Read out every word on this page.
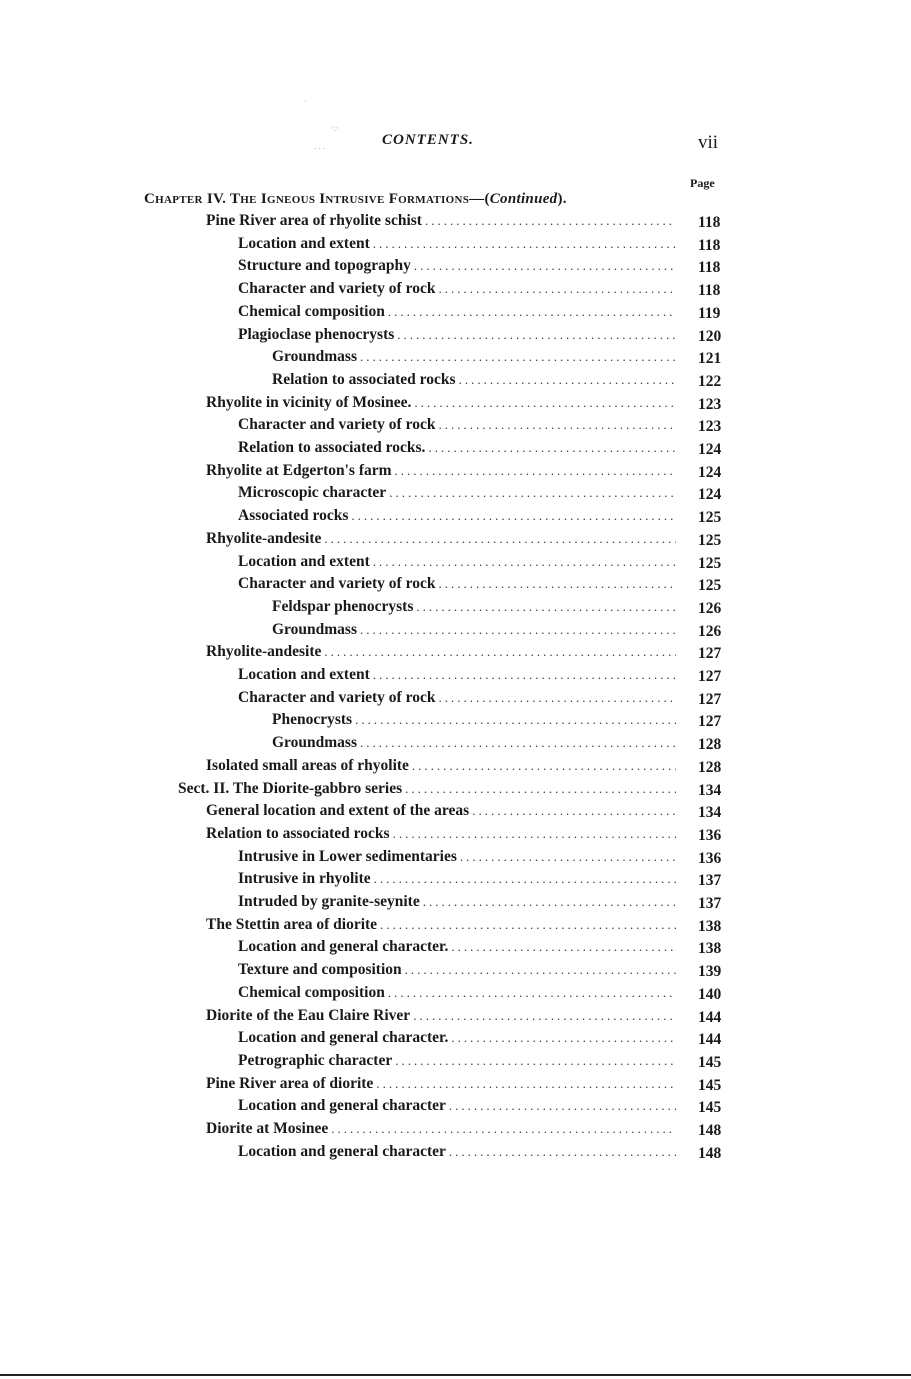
ˈ
·:·
. . .	CONTENTS.	vii
Page
Chapter IV. The Igneous Intrusive Formations—(Continued).
Pine River area of rhyolite schist .....	118
Location and extent .....	118
Structure and topography .....	118
Character and variety of rock .....	118
Chemical composition .....	119
Plagioclase phenocrysts .....	120
Groundmass .....	121
Relation to associated rocks .....	122
Rhyolite in vicinity of Mosinee. .....	123
Character and variety of rock .....	123
Relation to associated rocks. .....	124
Rhyolite at Edgerton's farm .....	124
Microscopic character .....	124
Associated rocks .....	125
Rhyolite-andesite .....	125
Location and extent .....	125
Character and variety of rock .....	125
Feldspar phenocrysts .....	126
Groundmass .....	126
Rhyolite-andesite .....	127
Location and extent .....	127
Character and variety of rock .....	127
Phenocrysts .....	127
Groundmass .....	128
Isolated small areas of rhyolite .....	128
Sect. II. The Diorite-gabbro series .....	134
General location and extent of the areas .....	134
Relation to associated rocks .....	136
Intrusive in Lower sedimentaries .....	136
Intrusive in rhyolite .....	137
Intruded by granite-seynite .....	137
The Stettin area of diorite .....	138
Location and general character. .....	138
Texture and composition .....	139
Chemical composition .....	140
Diorite of the Eau Claire River .....	144
Location and general character. .....	144
Petrographic character .....	145
Pine River area of diorite .....	145
Location and general character .....	145
Diorite at Mosinee .....	148
Location and general character .....	148
